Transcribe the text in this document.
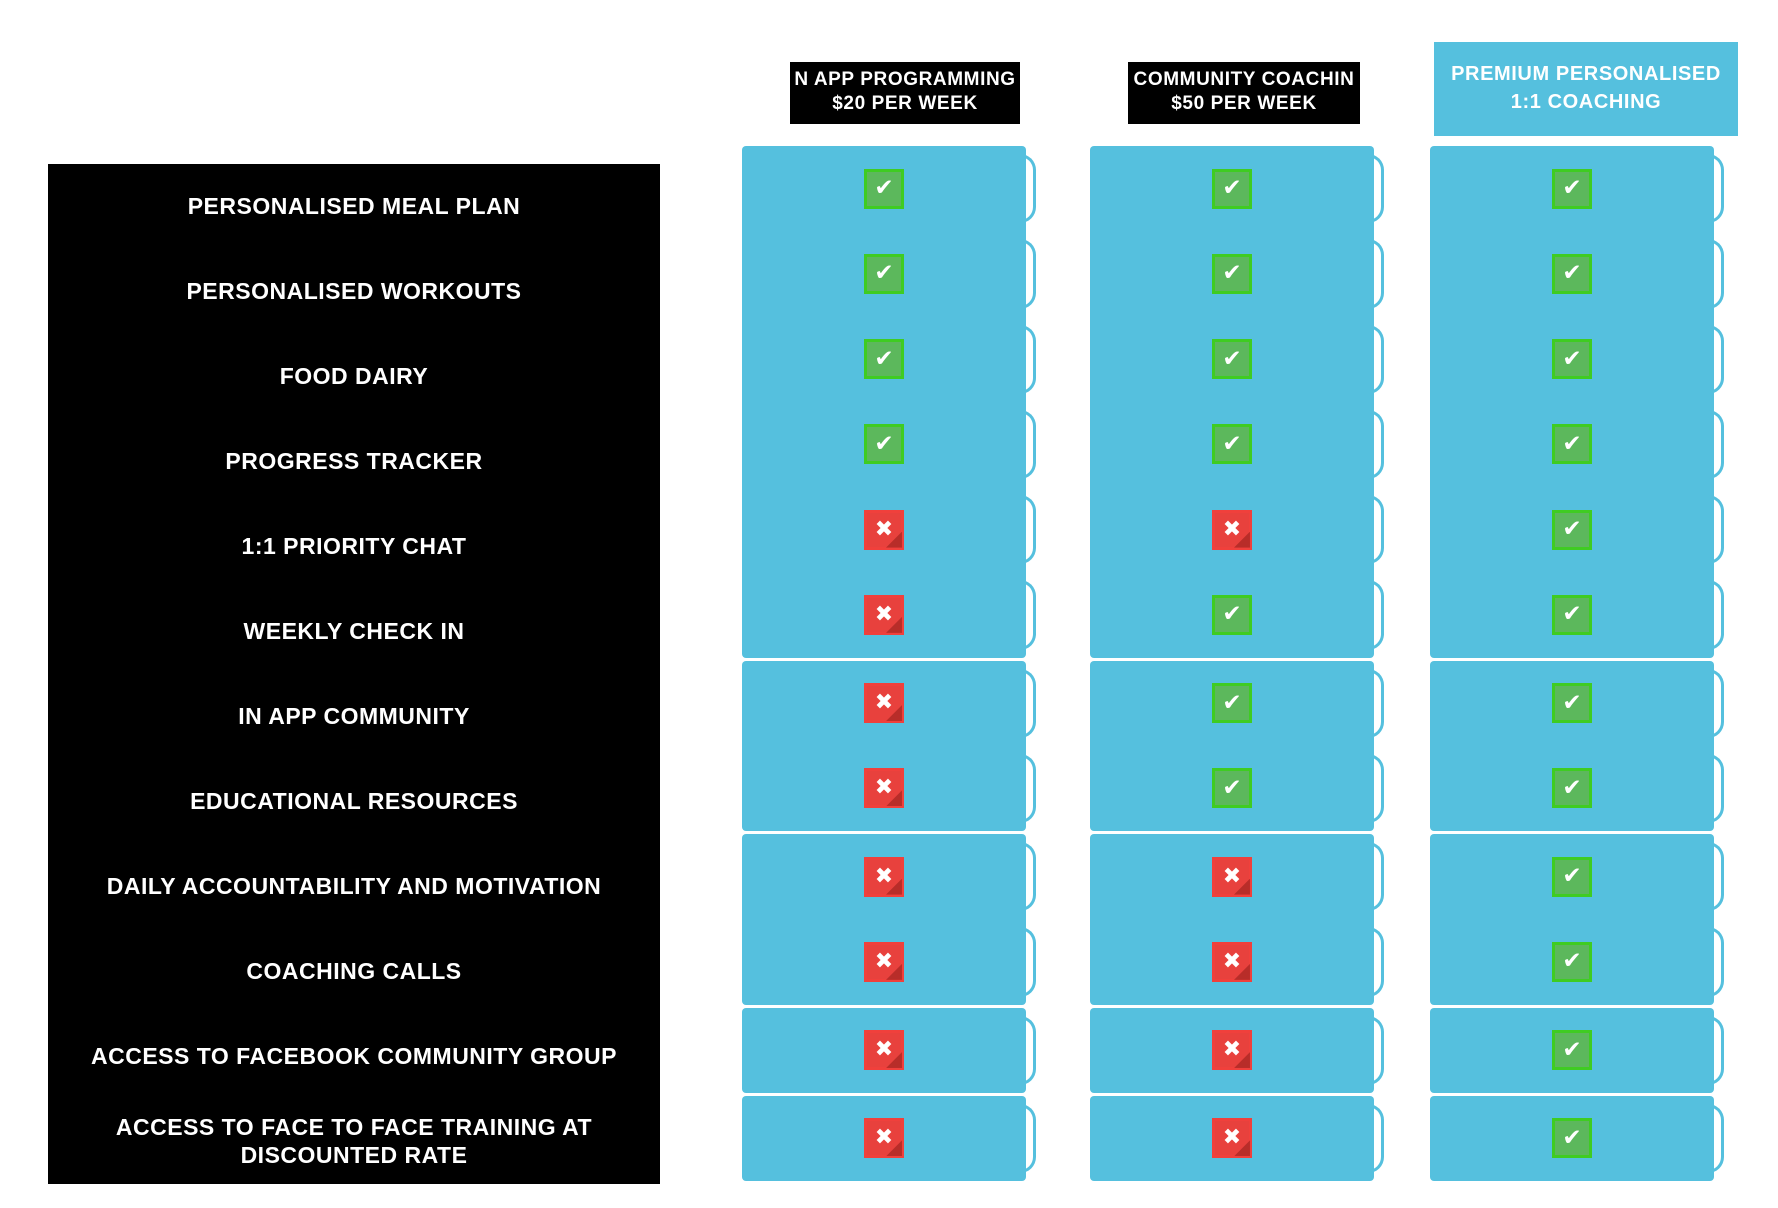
PERSONALISED MEAL PLAN
PERSONALISED WORKOUTS
FOOD DAIRY
PROGRESS TRACKER
1:1 PRIORITY CHAT
WEEKLY CHECK IN
IN APP COMMUNITY
EDUCATIONAL RESOURCES
DAILY ACCOUNTABILITY AND MOTIVATION
COACHING CALLS
ACCESS TO FACEBOOK COMMUNITY GROUP
ACCESS TO FACE TO FACE TRAINING AT DISCOUNTED RATE
N APP PROGRAMMING
$20 PER WEEK
COMMUNITY COACHIN
$50 PER WEEK
PREMIUM PERSONALISED
1:1 COACHING
✔
✔
✔
✔
✖
✖
✖
✖
✖
✖
✖
✖
✔
✔
✔
✔
✖
✔
✔
✔
✖
✖
✖
✖
✔
✔
✔
✔
✔
✔
✔
✔
✔
✔
✔
✔
